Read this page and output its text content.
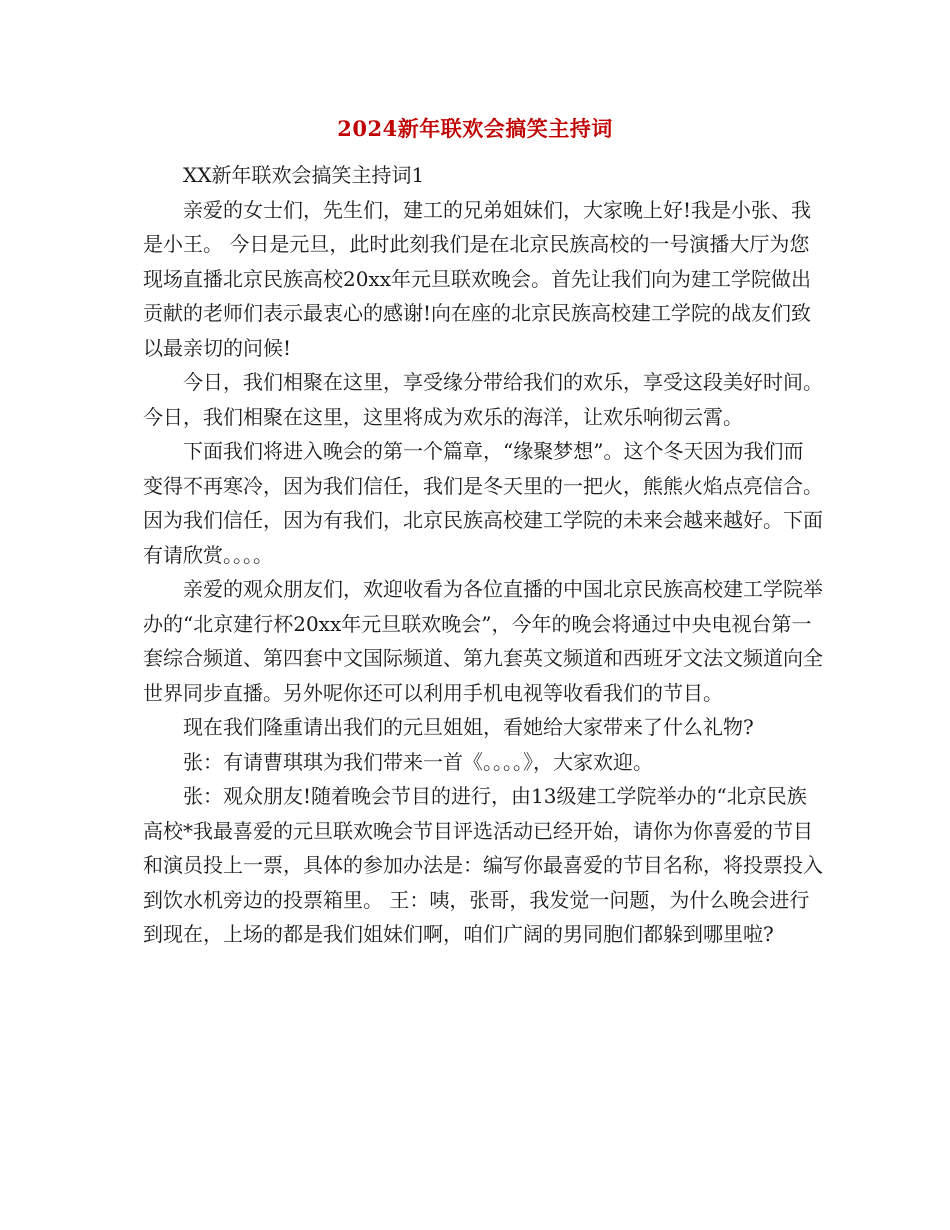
2024新年联欢会搞笑主持词

XX新年联欢会搞笑主持词1

亲爱的女士们，先生们，建工的兄弟姐妹们，大家晚上好!我是小张、我是小王。 今日是元旦，此时此刻我们是在北京民族高校的一号演播大厅为您现场直播北京民族高校20xx年元旦联欢晚会。首先让我们向为建工学院做出贡献的老师们表示最衷心的感谢!向在座的北京民族高校建工学院的战友们致以最亲切的问候!

今日，我们相聚在这里，享受缘分带给我们的欢乐，享受这段美好时间。今日，我们相聚在这里，这里将成为欢乐的海洋，让欢乐响彻云霄。

下面我们将进入晚会的第一个篇章，“缘聚梦想”。这个冬天因为我们而变得不再寒冷，因为我们信任，我们是冬天里的一把火，熊熊火焰点亮信合。因为我们信任，因为有我们，北京民族高校建工学院的未来会越来越好。下面有请欣赏。。。。

亲爱的观众朋友们，欢迎收看为各位直播的中国北京民族高校建工学院举办的“北京建行杯20xx年元旦联欢晚会”，今年的晚会将通过中央电视台第一套综合频道、第四套中文国际频道、第九套英文频道和西班牙文法文频道向全世界同步直播。另外呢你还可以利用手机电视等收看我们的节目。

现在我们隆重请出我们的元旦姐姐，看她给大家带来了什么礼物?

张：有请曹琪琪为我们带来一首《。。。。》，大家欢迎。

张：观众朋友!随着晚会节目的进行，由13级建工学院举办的“北京民族高校*我最喜爱的元旦联欢晚会节目评选活动已经开始，请你为你喜爱的节目和演员投上一票，具体的参加办法是：编写你最喜爱的节目名称，将投票投入到饮水机旁边的投票箱里。 王：咦，张哥，我发觉一问题，为什么晚会进行到现在，上场的都是我们姐妹们啊，咱们广阔的男同胞们都躲到哪里啦?
